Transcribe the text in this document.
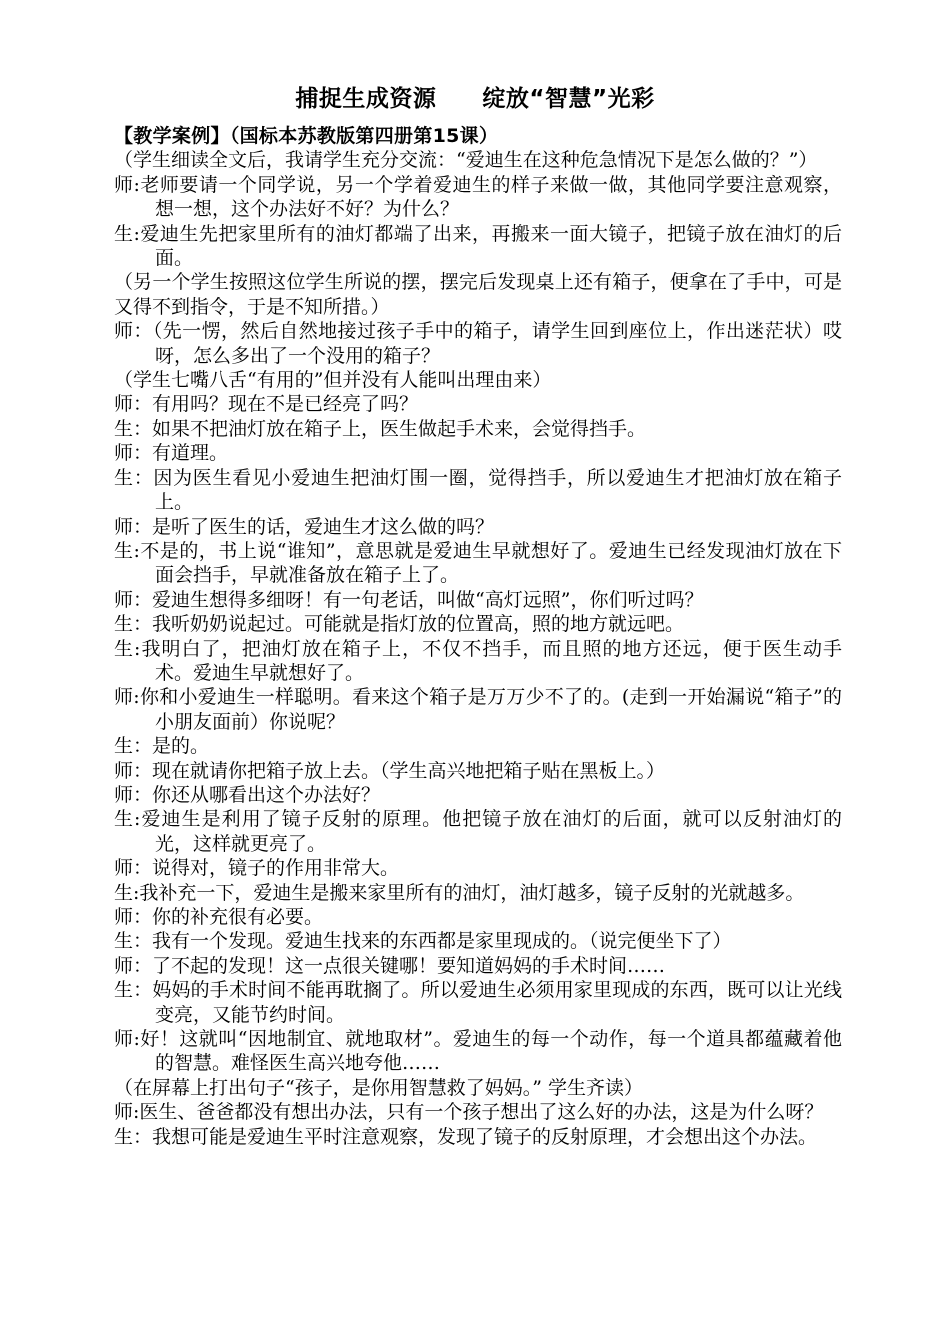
捕捉生成资源 绽放“智慧”光彩
【教学案例】（国标本苏教版第四册第15课）
（学生细读全文后，我请学生充分交流：“爱迪生在这种危急情况下是怎么做的？”）
师:老师要请一个同学说，另一个学着爱迪生的样子来做一做，其他同学要注意观察，想一想，这个办法好不好？为什么？
生:爱迪生先把家里所有的油灯都端了出来，再搬来一面大镜子，把镜子放在油灯的后面。
（另一个学生按照这位学生所说的摆，摆完后发现桌上还有箱子，便拿在了手中，可是又得不到指令，于是不知所措。）
师：（先一愣，然后自然地接过孩子手中的箱子，请学生回到座位上，作出迷茫状）哎呀，怎么多出了一个没用的箱子？
（学生七嘴八舌“有用的”但并没有人能叫出理由来）
师：有用吗？现在不是已经亮了吗？
生：如果不把油灯放在箱子上，医生做起手术来，会觉得挡手。
师：有道理。
生：因为医生看见小爱迪生把油灯围一圈，觉得挡手，所以爱迪生才把油灯放在箱子上。
师：是听了医生的话，爱迪生才这么做的吗？
生:不是的，书上说“谁知”，意思就是爱迪生早就想好了。爱迪生已经发现油灯放在下面会挡手，早就准备放在箱子上了。
师：爱迪生想得多细呀！有一句老话，叫做“高灯远照”，你们听过吗？
生：我听奶奶说起过。可能就是指灯放的位置高，照的地方就远吧。
生:我明白了，把油灯放在箱子上，不仅不挡手，而且照的地方还远，便于医生动手术。爱迪生早就想好了。
师:你和小爱迪生一样聪明。看来这个箱子是万万少不了的。(走到一开始漏说“箱子”的小朋友面前）你说呢？
生：是的。
师：现在就请你把箱子放上去。（学生高兴地把箱子贴在黑板上。）
师：你还从哪看出这个办法好？
生:爱迪生是利用了镜子反射的原理。他把镜子放在油灯的后面，就可以反射油灯的光，这样就更亮了。
师：说得对，镜子的作用非常大。
生:我补充一下，爱迪生是搬来家里所有的油灯，油灯越多，镜子反射的光就越多。
师：你的补充很有必要。
生：我有一个发现。爱迪生找来的东西都是家里现成的。（说完便坐下了）
师：了不起的发现！这一点很关键哪！要知道妈妈的手术时间……
生：妈妈的手术时间不能再耽搁了。所以爱迪生必须用家里现成的东西，既可以让光线变亮，又能节约时间。
师:好！这就叫“因地制宜、就地取材”。爱迪生的每一个动作，每一个道具都蕴藏着他的智慧。难怪医生高兴地夸他……
（在屏幕上打出句子“孩子，是你用智慧救了妈妈。” 学生齐读）
师:医生、爸爸都没有想出办法，只有一个孩子想出了这么好的办法，这是为什么呀？
生：我想可能是爱迪生平时注意观察，发现了镜子的反射原理，才会想出这个办法。
